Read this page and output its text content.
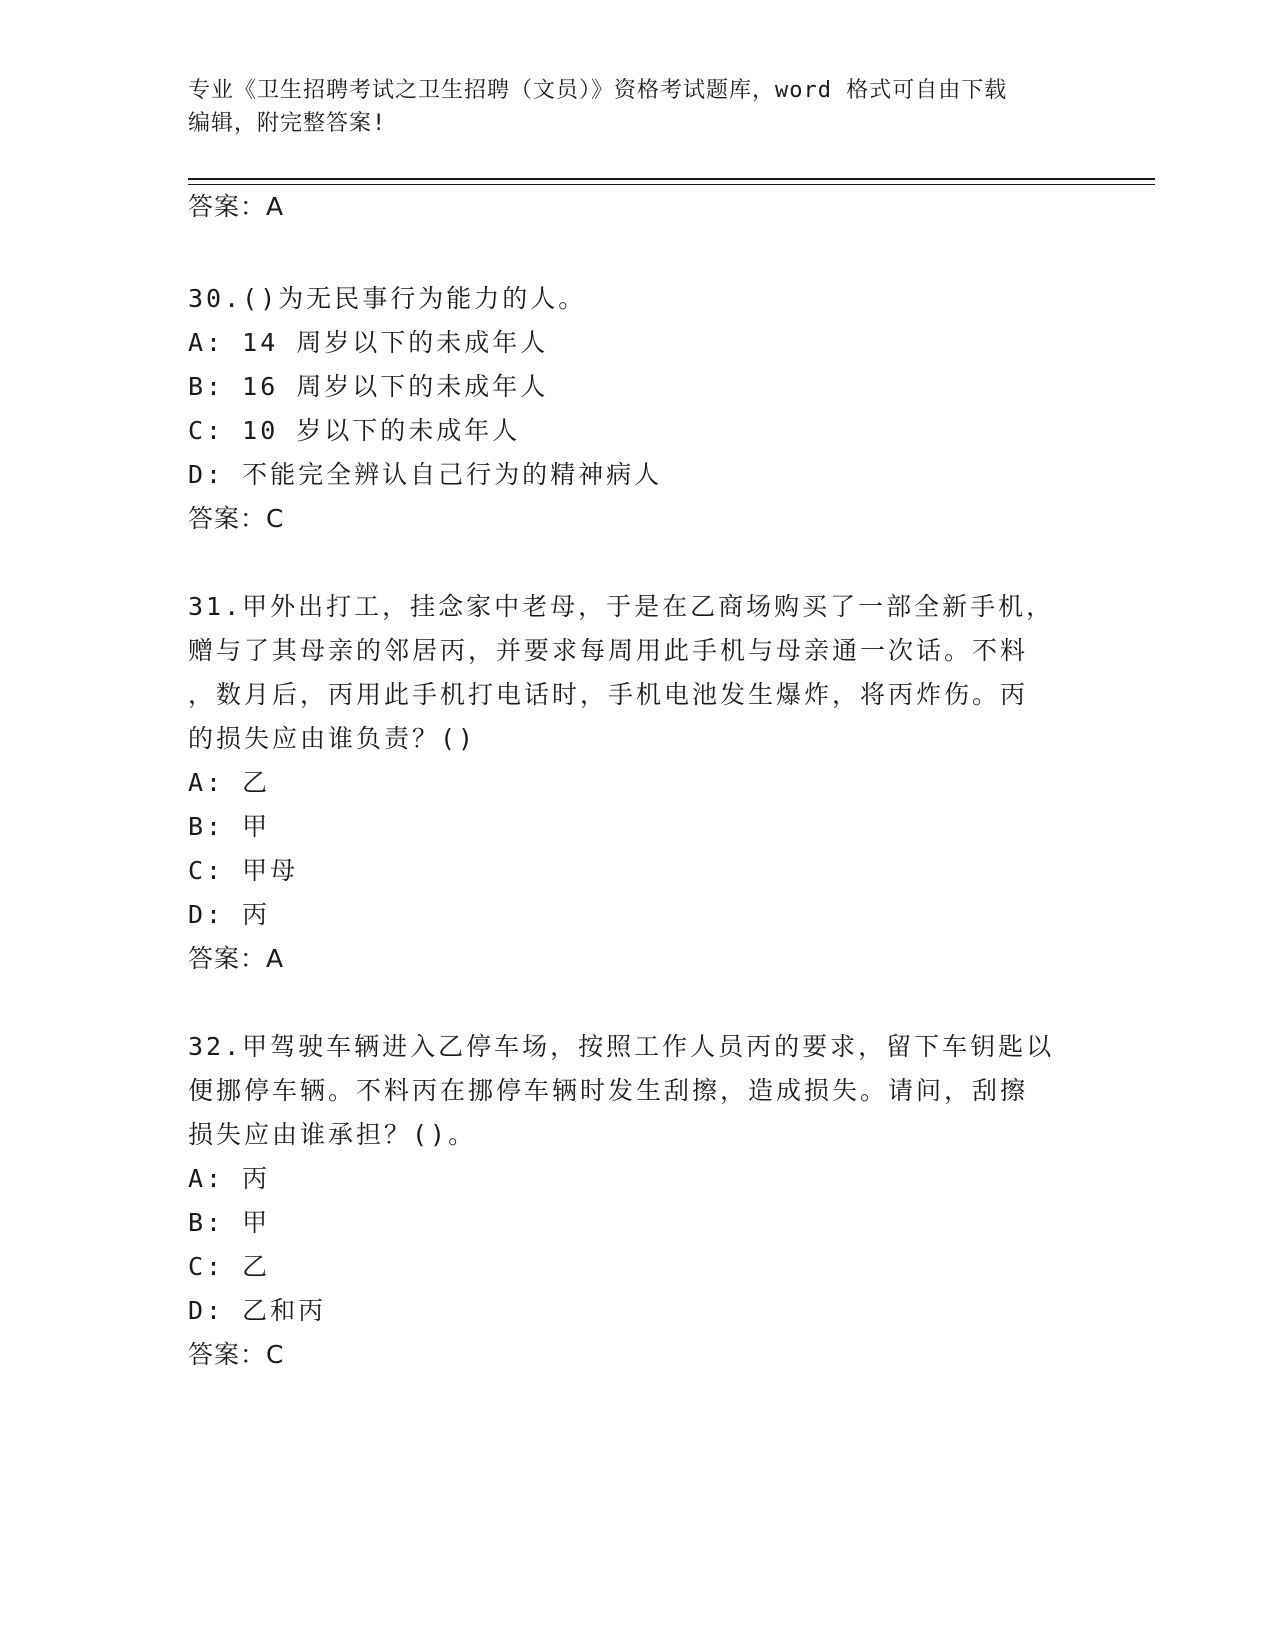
专业《卫生招聘考试之卫生招聘（文员）》资格考试题库，word 格式可自由下载
编辑，附完整答案!
答案：A
30.()为无民事行为能力的人。
A: 14 周岁以下的未成年人
B: 16 周岁以下的未成年人
C: 10 岁以下的未成年人
D: 不能完全辨认自己行为的精神病人
答案：C
31.甲外出打工，挂念家中老母，于是在乙商场购买了一部全新手机，
赠与了其母亲的邻居丙，并要求每周用此手机与母亲通一次话。不料
，数月后，丙用此手机打电话时，手机电池发生爆炸，将丙炸伤。丙
的损失应由谁负责？()
A: 乙
B: 甲
C: 甲母
D: 丙
答案：A
32.甲驾驶车辆进入乙停车场，按照工作人员丙的要求，留下车钥匙以
便挪停车辆。不料丙在挪停车辆时发生刮擦，造成损失。请问，刮擦
损失应由谁承担？()。
A: 丙
B: 甲
C: 乙
D: 乙和丙
答案：C
